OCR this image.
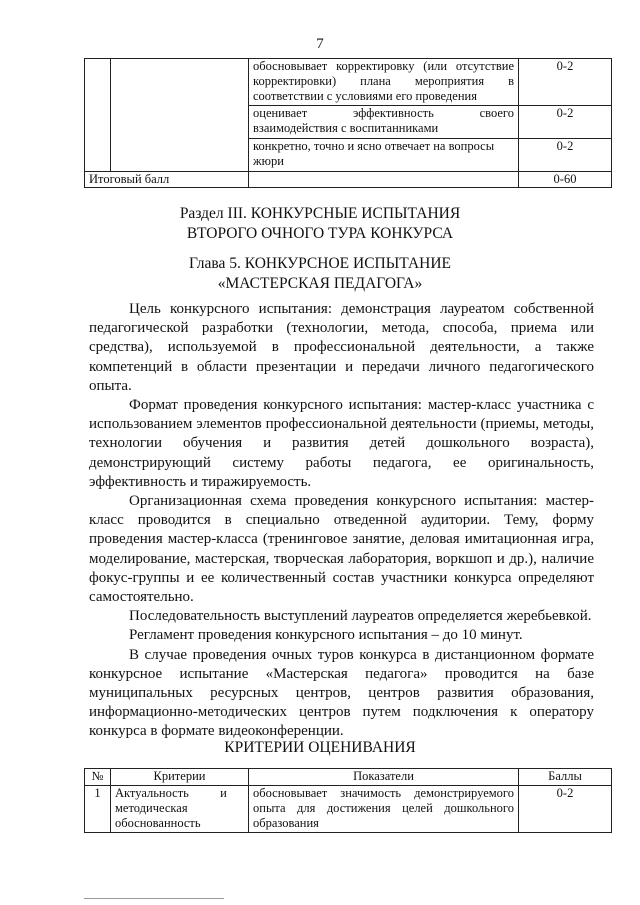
7

		обосновывает корректировку (или отсутствие
корректировки)    плана    мероприятия    в
соответствии с условиями его проведения	0-2

		оценивает      эффективность      своего
взаимодействия с воспитанниками	0-2

		конкретно, точно и ясно отвечает на вопросы
жюри	0-2
Итоговый балл			0-60
Раздел III. КОНКУРСНЫЕ ИСПЫТАНИЯ
ВТОРОГО ОЧНОГО ТУРА КОНКУРСА
Глава 5. КОНКУРСНОЕ ИСПЫТАНИЕ
«МАСТЕРСКАЯ ПЕДАГОГА»

Цель конкурсного испытания: демонстрация лауреатом собственной педагогической разработки (технологии, метода, способа, приема или средства), используемой в профессиональной деятельности, а также компетенций в области презентации и передачи личного педагогического опыта.

Формат проведения конкурсного испытания: мастер-класс участника с использованием элементов профессиональной деятельности (приемы, методы, технологии обучения и развития детей дошкольного возраста), демонстрирующий систему работы педагога, ее оригинальность, эффективность и тиражируемость.

Организационная схема проведения конкурсного испытания: мастер-класс проводится в специально отведенной аудитории. Тему, форму проведения мастер-класса (тренинговое занятие, деловая имитационная игра, моделирование, мастерская, творческая лаборатория, воркшоп и др.), наличие фокус-группы и ее количественный состав участники конкурса определяют самостоятельно.

Последовательность выступлений лауреатов определяется жеребьевкой.

Регламент проведения конкурсного испытания – до 10 минут.

В случае проведения очных туров конкурса в дистанционном формате конкурсное испытание «Мастерская педагога» проводится на базе муниципальных ресурсных центров, центров развития образования, информационно-методических центров путем подключения к оператору конкурса в формате видеоконференции.

КРИТЕРИИ ОЦЕНИВАНИЯ
№	Критерии	Показатели	Баллы
1	Актуальность          и методическая обоснованность	обосновывает значимость демонстрируемого опыта для достижения целей дошкольного образования	0-2
